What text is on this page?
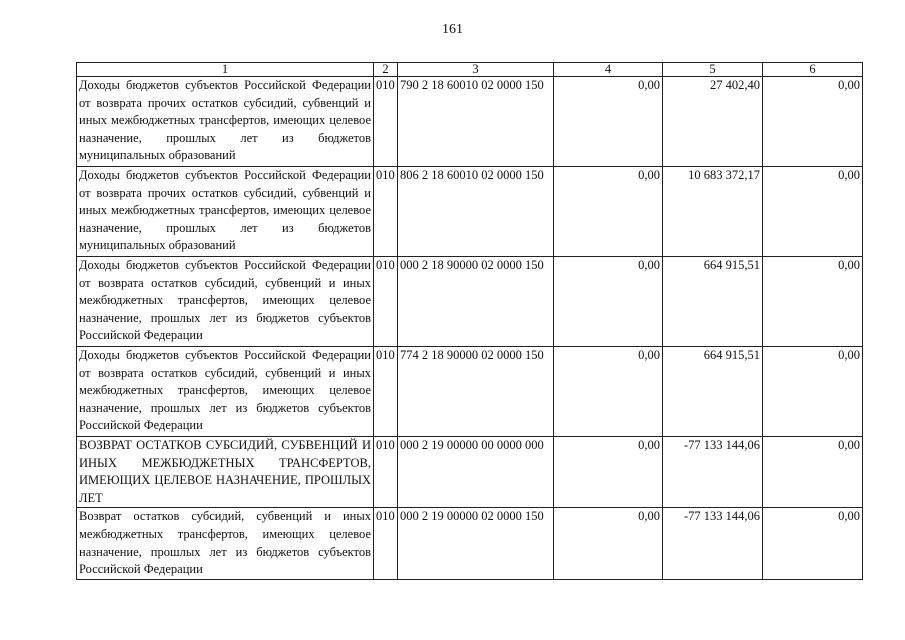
161
1	2	3	4	5	6
Доходы бюджетов субъектов Российской Федерации от возврата прочих остатков субсидий, субвенций и иных межбюджетных трансфертов, имеющих целевое назначение, прошлых лет из бюджетов муниципальных образований	010	790 2 18 60010 02 0000 150	0,00	27 402,40	0,00
Доходы бюджетов субъектов Российской Федерации от возврата прочих остатков субсидий, субвенций и иных межбюджетных трансфертов, имеющих целевое назначение, прошлых лет из бюджетов муниципальных образований	010	806 2 18 60010 02 0000 150	0,00	10 683 372,17	0,00
Доходы бюджетов субъектов Российской Федерации от возврата остатков субсидий, субвенций и иных межбюджетных трансфертов, имеющих целевое назначение, прошлых лет из бюджетов субъектов Российской Федерации	010	000 2 18 90000 02 0000 150	0,00	664 915,51	0,00
Доходы бюджетов субъектов Российской Федерации от возврата остатков субсидий, субвенций и иных межбюджетных трансфертов, имеющих целевое назначение, прошлых лет из бюджетов субъектов Российской Федерации	010	774 2 18 90000 02 0000 150	0,00	664 915,51	0,00
ВОЗВРАТ ОСТАТКОВ СУБСИДИЙ, СУБВЕНЦИЙ И ИНЫХ МЕЖБЮДЖЕТНЫХ ТРАНСФЕРТОВ, ИМЕЮЩИХ ЦЕЛЕВОЕ НАЗНАЧЕНИЕ, ПРОШЛЫХ ЛЕТ	010	000 2 19 00000 00 0000 000	0,00	-77 133 144,06	0,00
Возврат остатков субсидий, субвенций и иных межбюджетных трансфертов, имеющих целевое назначение, прошлых лет из бюджетов субъектов Российской Федерации	010	000 2 19 00000 02 0000 150	0,00	-77 133 144,06	0,00
